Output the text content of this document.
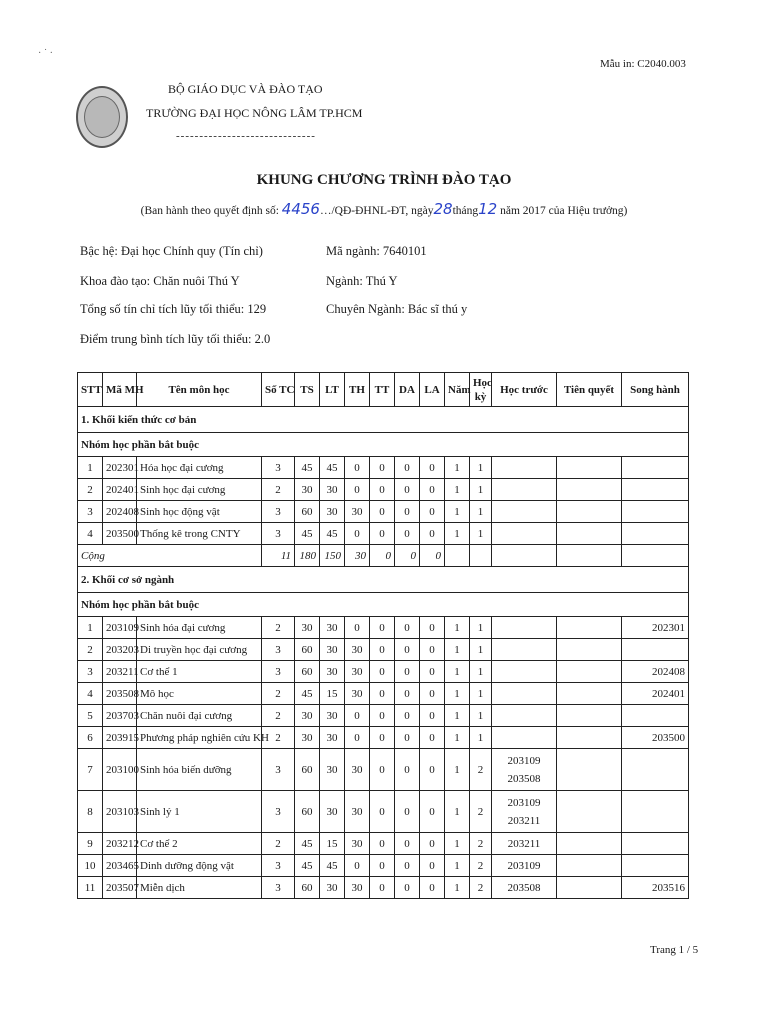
· ˙ ·
Mẫu in: C2040.003
BỘ GIÁO DỤC VÀ ĐÀO TẠO
TRƯỜNG ĐẠI HỌC NÔNG LÂM TP.HCM
------------------------------
KHUNG CHƯƠNG TRÌNH ĐÀO TẠO
(Ban hành theo quyết định số: 4456…/QĐ-ĐHNL-ĐT, ngày28tháng12 năm 2017 của Hiệu trưởng)
Bậc hệ: Đại học Chính quy (Tín chỉ)
Khoa đào tạo: Chăn nuôi Thú Y
Tổng số tín chỉ tích lũy tối thiểu: 129
Điểm trung bình tích lũy tối thiểu: 2.0
Mã ngành: 7640101
Ngành: Thú Y
Chuyên Ngành: Bác sĩ thú y
STT	Mã MH	Tên môn học	Số TC	TS	LT	TH	TT	DA	LA	Năm	Học
kỳ	Học trước	Tiên quyết	Song hành
1. Khối kiến thức cơ bản														
Nhóm học phần bắt buộc														
1	202301	Hóa học đại cương	3	45	45	0	0	0	0	1	1			
2	202401	Sinh học đại cương	2	30	30	0	0	0	0	1	1			
3	202408	Sinh học động vật	3	60	30	30	0	0	0	1	1			
4	203500	Thống kê trong CNTY	3	45	45	0	0	0	0	1	1			
Cộng			11	180	150	30	0	0	0					
2. Khối cơ sở ngành														
Nhóm học phần bắt buộc														
1	203109	Sinh hóa đại cương	2	30	30	0	0	0	0	1	1			202301
2	203203	Di truyền học đại cương	3	60	30	30	0	0	0	1	1			
3	203211	Cơ thể 1	3	60	30	30	0	0	0	1	1			202408
4	203508	Mô học	2	45	15	30	0	0	0	1	1			202401
5	203703	Chăn nuôi đại cương	2	30	30	0	0	0	0	1	1			
6	203915	Phương pháp nghiên cứu KH	2	30	30	0	0	0	0	1	1			203500
7	203100	Sinh hóa biến dưỡng	3	60	30	30	0	0	0	1	2	203109
203508		

8	203103	Sinh lý 1	3	60	30	30	0	0	0	1	2	203109
203211		

9	203212	Cơ thể 2	2	45	15	30	0	0	0	1	2	203211		

10	203465	Dinh dưỡng động vật	3	45	45	0	0	0	0	1	2	203109		

11	203507	Miễn dịch	3	60	30	30	0	0	0	1	2	203508		203516
Trang 1 / 5
